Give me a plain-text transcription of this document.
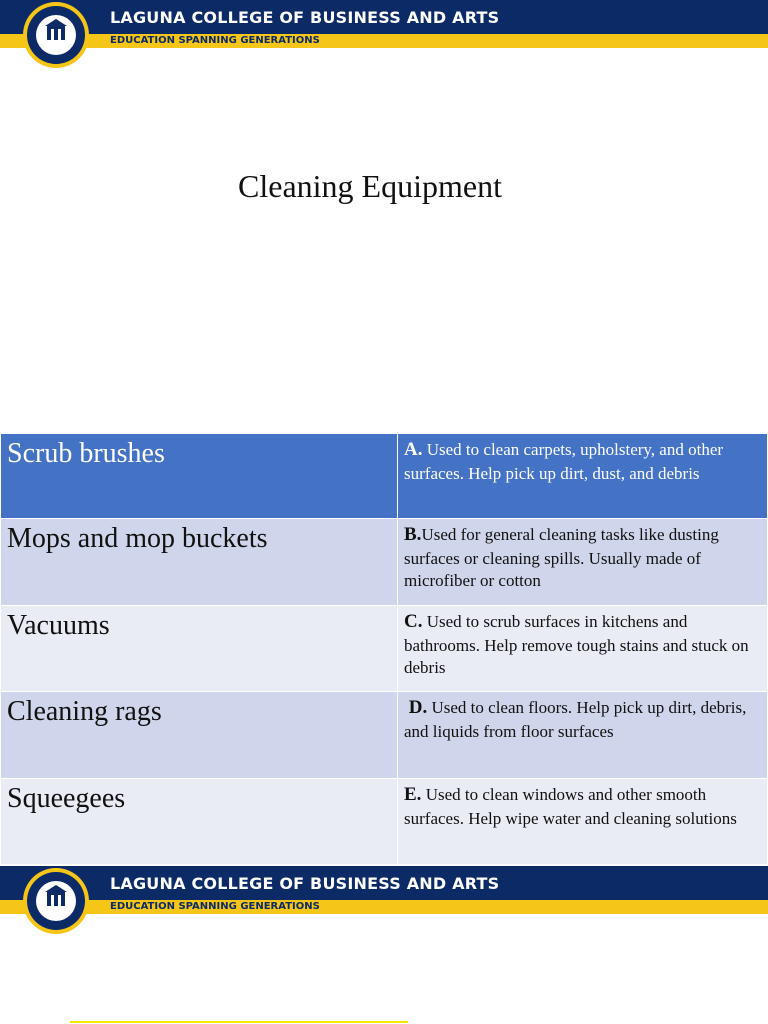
LAGUNA COLLEGE OF BUSINESS AND ARTS
EDUCATION SPANNING GENERATIONS
Cleaning Equipment
Scrub brushes	A. Used to clean carpets, upholstery, and other surfaces. Help pick up dirt, dust, and debris
Mops and mop buckets	B.Used for general cleaning tasks like dusting surfaces or cleaning spills. Usually made of microfiber or cotton
Vacuums	C. Used to scrub surfaces in kitchens and bathrooms. Help remove tough stains and stuck on debris
Cleaning rags	D. Used to clean floors. Help pick up dirt, debris, and liquids from floor surfaces
Squeegees	E. Used to clean windows and other smooth surfaces. Help wipe water and cleaning solutions
LAGUNA COLLEGE OF BUSINESS AND ARTS
EDUCATION SPANNING GENERATIONS
